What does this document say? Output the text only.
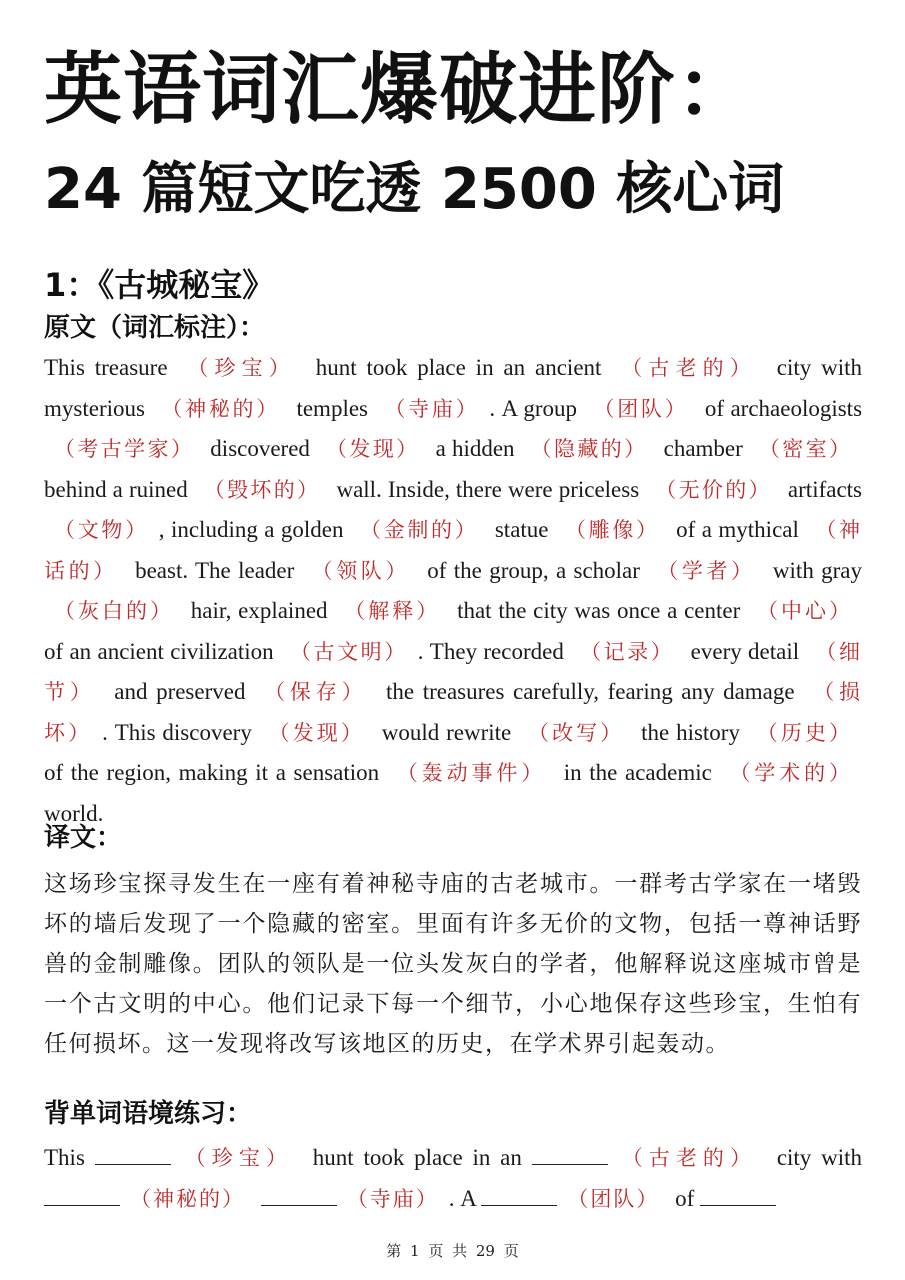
英语词汇爆破进阶：
24 篇短文吃透 2500 核心词
1：《古城秘宝》
原文（词汇标注）：
This treasure （珍宝） hunt took place in an ancient （古老的） city with mysterious （神秘的） temples （寺庙） . A group （团队） of archaeologists （考古学家） discovered （发现） a hidden （隐藏的） chamber （密室） behind a ruined （毁坏的） wall. Inside, there were priceless （无价的） artifacts （文物） , including a golden （金制的） statue （雕像） of a mythical （神话的） beast. The leader （领队） of the group, a scholar （学者） with gray （灰白的） hair, explained （解释） that the city was once a center （中心） of an ancient civilization （古文明） . They recorded （记录） every detail （细节） and preserved （保存） the treasures carefully, fearing any damage （损坏） . This discovery （发现） would rewrite （改写） the history （历史） of the region, making it a sensation （轰动事件） in the academic （学术的） world.
译文：
这场珍宝探寻发生在一座有着神秘寺庙的古老城市。一群考古学家在一堵毁坏的墙后发现了一个隐藏的密室。里面有许多无价的文物，包括一尊神话野兽的金制雕像。团队的领队是一位头发灰白的学者，他解释说这座城市曾是一个古文明的中心。他们记录下每一个细节，小心地保存这些珍宝，生怕有任何损坏。这一发现将改写该地区的历史，在学术界引起轰动。
背单词语境练习：
This	（珍宝） hunt took place in an	（古老的） city with （神秘的）	（寺庙） . A	（团队） of
第 1 页 共 29 页
